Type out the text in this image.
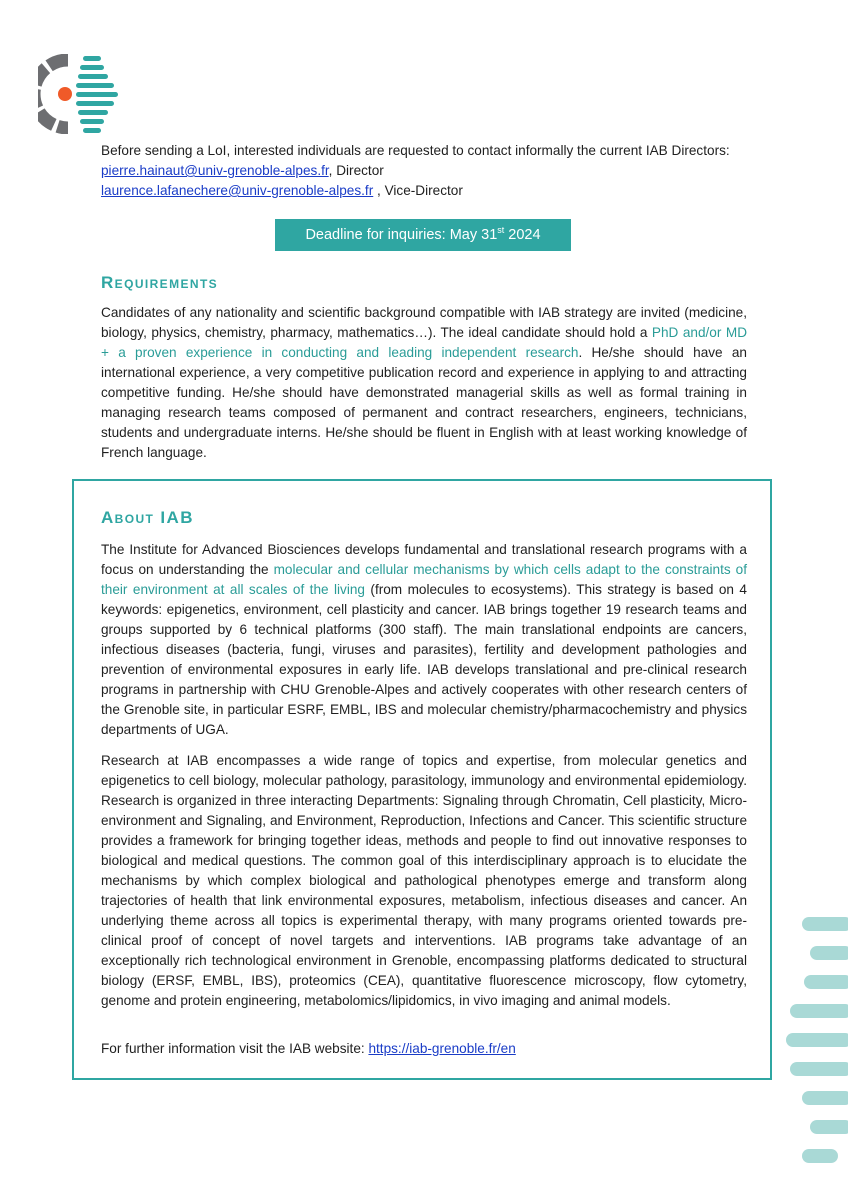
Before sending a LoI, interested individuals are requested to contact informally the current IAB Directors:
pierre.hainaut@univ-grenoble-alpes.fr, Director
laurence.lafanechere@univ-grenoble-alpes.fr , Vice-Director
Deadline for inquiries: May 31st 2024
Requirements

Candidates of any nationality and scientific background compatible with IAB strategy are invited (medicine, biology, physics, chemistry, pharmacy, mathematics…). The ideal candidate should hold a PhD and/or MD + a proven experience in conducting and leading independent research. He/she should have an international experience, a very competitive publication record and experience in applying to and attracting competitive funding. He/she should have demonstrated managerial skills as well as formal training in managing research teams composed of permanent and contract researchers, engineers, technicians, students and undergraduate interns. He/she should be fluent in English with at least working knowledge of French language.

About IAB

The Institute for Advanced Biosciences develops fundamental and translational research programs with a focus on understanding the molecular and cellular mechanisms by which cells adapt to the constraints of their environment at all scales of the living (from molecules to ecosystems). This strategy is based on 4 keywords: epigenetics, environment, cell plasticity and cancer. IAB brings together 19 research teams and groups supported by 6 technical platforms (300 staff). The main translational endpoints are cancers, infectious diseases (bacteria, fungi, viruses and parasites), fertility and development pathologies and prevention of environmental exposures in early life. IAB develops translational and pre-clinical research programs in partnership with CHU Grenoble-Alpes and actively cooperates with other research centers of the Grenoble site, in particular ESRF, EMBL, IBS and molecular chemistry/pharmacochemistry and physics departments of UGA.

Research at IAB encompasses a wide range of topics and expertise, from molecular genetics and epigenetics to cell biology, molecular pathology, parasitology, immunology and environmental epidemiology. Research is organized in three interacting Departments: Signaling through Chromatin, Cell plasticity, Micro-environment and Signaling, and Environment, Reproduction, Infections and Cancer. This scientific structure provides a framework for bringing together ideas, methods and people to find out innovative responses to biological and medical questions. The common goal of this interdisciplinary approach is to elucidate the mechanisms by which complex biological and pathological phenotypes emerge and transform along trajectories of health that link environmental exposures, metabolism, infectious diseases and cancer. An underlying theme across all topics is experimental therapy, with many programs oriented towards pre-clinical proof of concept of novel targets and interventions. IAB programs take advantage of an exceptionally rich technological environment in Grenoble, encompassing platforms dedicated to structural biology (ERSF, EMBL, IBS), proteomics (CEA), quantitative fluorescence microscopy, flow cytometry, genome and protein engineering, metabolomics/lipidomics, in vivo imaging and animal models.

For further information visit the IAB website: https://iab-grenoble.fr/en
